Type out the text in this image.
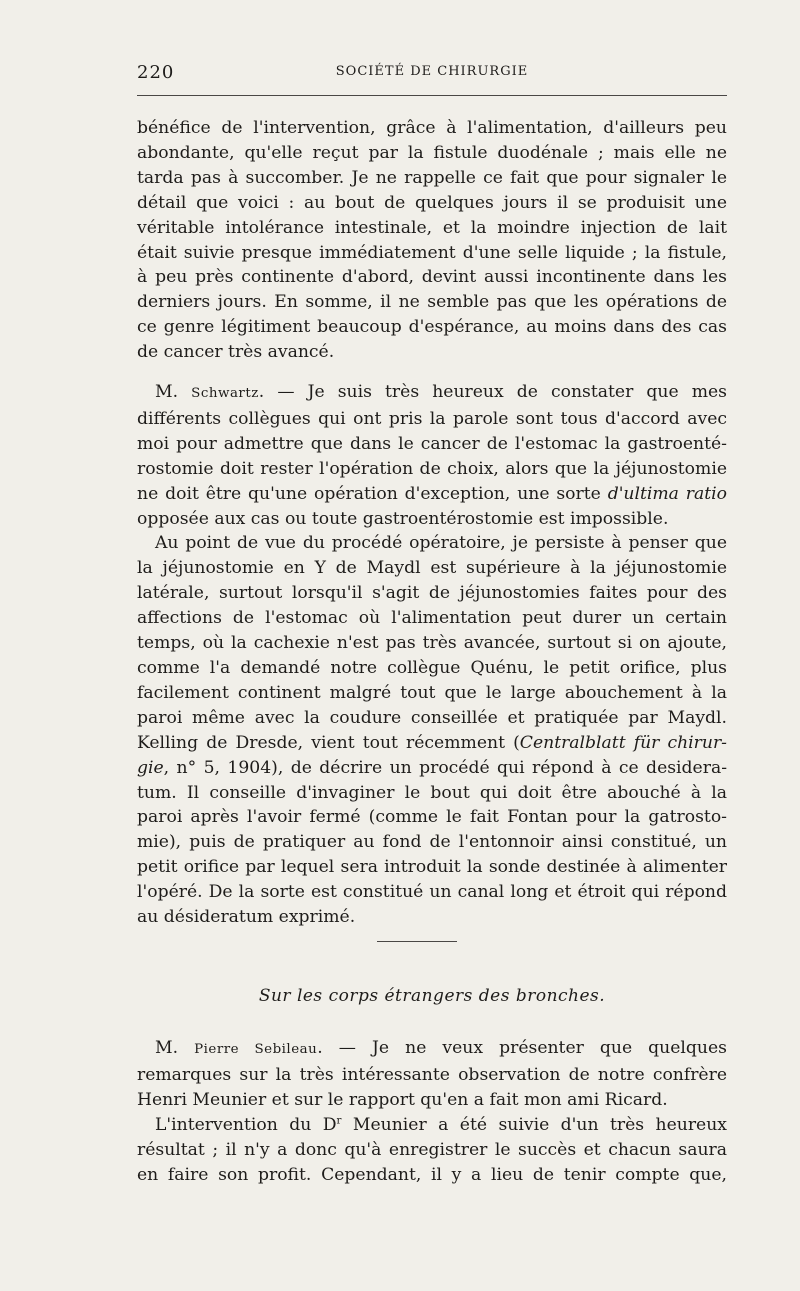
220	SOCIÉTÉ DE CHIRURGIE
bénéfice de l'intervention, grâce à l'alimentation, d'ailleurs peu
abondante, qu'elle reçut par la fistule duodénale ; mais elle ne
tarda pas à succomber. Je ne rappelle ce fait que pour signaler le
détail que voici : au bout de quelques jours il se produisit une
véritable intolérance intestinale, et la moindre injection de lait
était suivie presque immédiatement d'une selle liquide ; la fistule,
à peu près continente d'abord, devint aussi incontinente dans les
derniers jours. En somme, il ne semble pas que les opérations de
ce genre légitiment beaucoup d'espérance, au moins dans des cas
de cancer très avancé.
M. Schwartz. — Je suis très heureux de constater que mes
différents collègues qui ont pris la parole sont tous d'accord avec
moi pour admettre que dans le cancer de l'estomac la gastroenté-
rostomie doit rester l'opération de choix, alors que la jéjunostomie
ne doit être qu'une opération d'exception, une sorte d'ultima ratio
opposée aux cas ou toute gastroentérostomie est impossible.
Au point de vue du procédé opératoire, je persiste à penser que
la jéjunostomie en Y de Maydl est supérieure à la jéjunostomie
latérale, surtout lorsqu'il s'agit de jéjunostomies faites pour des
affections de l'estomac où l'alimentation peut durer un certain
temps, où la cachexie n'est pas très avancée, surtout si on ajoute,
comme l'a demandé notre collègue Quénu, le petit orifice, plus
facilement continent malgré tout que le large abouchement à la
paroi même avec la coudure conseillée et pratiquée par Maydl.
Kelling de Dresde, vient tout récemment (Centralblatt für chirur-
gie, n° 5, 1904), de décrire un procédé qui répond à ce desidera-
tum. Il conseille d'invaginer le bout qui doit être abouché à la
paroi après l'avoir fermé (comme le fait Fontan pour la gatrosto-
mie), puis de pratiquer au fond de l'entonnoir ainsi constitué, un
petit orifice par lequel sera introduit la sonde destinée à alimenter
l'opéré. De la sorte est constitué un canal long et étroit qui répond
au désideratum exprimé.
Sur les corps étrangers des bronches.
M. Pierre Sebileau. — Je ne veux présenter que quelques
remarques sur la très intéressante observation de notre confrère
Henri Meunier et sur le rapport qu'en a fait mon ami Ricard.
L'intervention du $D^r$ Meunier a été suivie d'un très heureux
résultat ; il n'y a donc qu'à enregistrer le succès et chacun saura
en faire son profit. Cependant, il y a lieu de tenir compte que,
